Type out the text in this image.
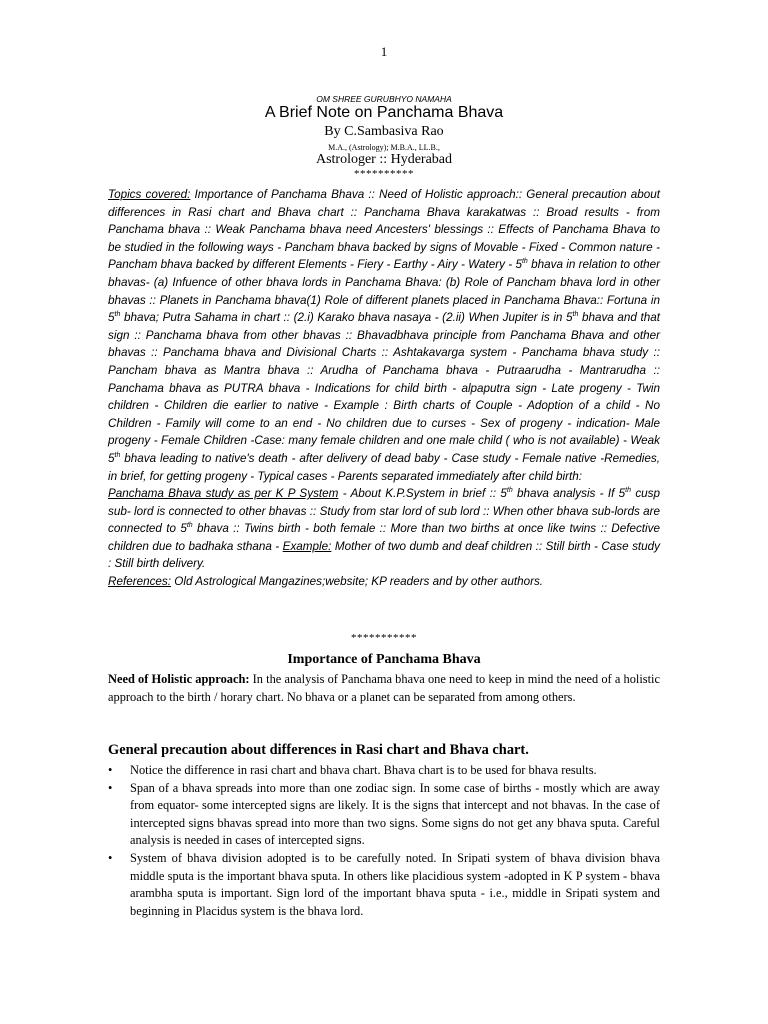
1
OM SHREE GURUBHYO NAMAHA
A Brief Note on Panchama Bhava
By C.Sambasiva Rao
M.A., (Astrology); M.B.A., LL.B.,
Astrologer :: Hyderabad
**********

Topics covered: Importance of Panchama Bhava :: Need of Holistic approach:: General precaution about differences in Rasi chart and Bhava chart :: Panchama Bhava karakatwas :: Broad results - from Panchama bhava :: Weak Panchama bhava need Ancesters' blessings :: Effects of Panchama Bhava to be studied in the following ways - Pancham bhava backed by signs of Movable - Fixed - Common nature - Pancham bhava backed by different Elements - Fiery - Earthy - Airy - Watery - 5th bhava in relation to other bhavas- (a) Infuence of other bhava lords in Panchama Bhava: (b) Role of Pancham bhava lord in other bhavas :: Planets in Panchama bhava(1) Role of different planets placed in Panchama Bhava:: Fortuna in 5th bhava; Putra Sahama in chart :: (2.i) Karako bhava nasaya - (2.ii) When Jupiter is in 5th bhava and that sign :: Panchama bhava from other bhavas :: Bhavadbhava principle from Panchama Bhava and other bhavas :: Panchama bhava and Divisional Charts :: Ashtakavarga system - Panchama bhava study :: Pancham bhava as Mantra bhava :: Arudha of Panchama bhava - Putraarudha - Mantrarudha :: Panchama bhava as PUTRA bhava - Indications for child birth - alpaputra sign - Late progeny - Twin children - Children die earlier to native - Example : Birth charts of Couple - Adoption of a child - No Children - Family will come to an end - No children due to curses - Sex of progeny - indication- Male progeny - Female Children -Case: many female children and one male child ( who is not available) - Weak 5th bhava leading to native's death - after delivery of dead baby - Case study - Female native -Remedies, in brief, for getting progeny - Typical cases - Parents separated immediately after child birth:

Panchama Bhava study as per K P System - About K.P.System in brief :: 5th bhava analysis - If 5th cusp sub- lord is connected to other bhavas :: Study from star lord of sub lord :: When other bhava sub-lords are connected to 5th bhava :: Twins birth - both female :: More than two births at once like twins :: Defective children due to badhaka sthana - Example: Mother of two dumb and deaf children :: Still birth - Case study : Still birth delivery.

References: Old Astrological Mangazines;website; KP readers and by other authors.

***********
Importance of Panchama Bhava
Need of Holistic approach: In the analysis of Panchama bhava one need to keep in mind the need of a holistic approach to the birth / horary chart. No bhava or a planet can be separated from among others.
General precaution about differences in Rasi chart and Bhava chart.
• Notice the difference in rasi chart and bhava chart. Bhava chart is to be used for bhava results.
• Span of a bhava spreads into more than one zodiac sign. In some case of births - mostly which are away from equator- some intercepted signs are likely. It is the signs that intercept and not bhavas. In the case of intercepted signs bhavas spread into more than two signs. Some signs do not get any bhava sputa. Careful analysis is needed in cases of intercepted signs.
• System of bhava division adopted is to be carefully noted. In Sripati system of bhava division bhava middle sputa is the important bhava sputa. In others like placidious system -adopted in K P system - bhava arambha sputa is important. Sign lord of the important bhava sputa - i.e., middle in Sripati system and beginning in Placidus system is the bhava lord.
